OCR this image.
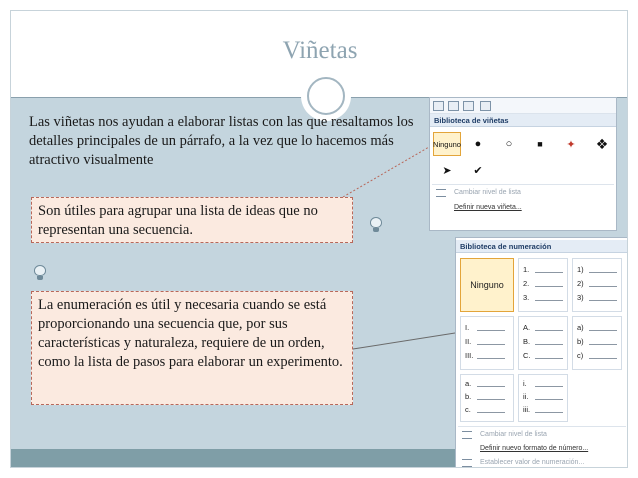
Viñetas
Las viñetas nos ayudan a elaborar listas con las que resaltamos los detalles principales de un párrafo, a la vez que lo hacemos más atractivo visualmente
Son útiles para agrupar una lista de ideas que no representan una secuencia.
La enumeración es útil y necesaria cuando se está proporcionando una secuencia que, por sus características y naturaleza, requiere de un orden, como la lista de pasos para elaborar un experimento.
Biblioteca de viñetas
Ninguno ● ○	■ ✦ ❖
➤ ✔
Cambiar nivel de lista
Definir nueva viñeta...
Biblioteca de numeración
Ninguno
1.
2.
3.
1)
2)
3)
I.
II.
III.
A.
B.
C.
a)
b)
c)
a.
b.
c.
i.
ii.
iii.
Cambiar nivel de lista
Definir nuevo formato de número...
Establecer valor de numeración...
